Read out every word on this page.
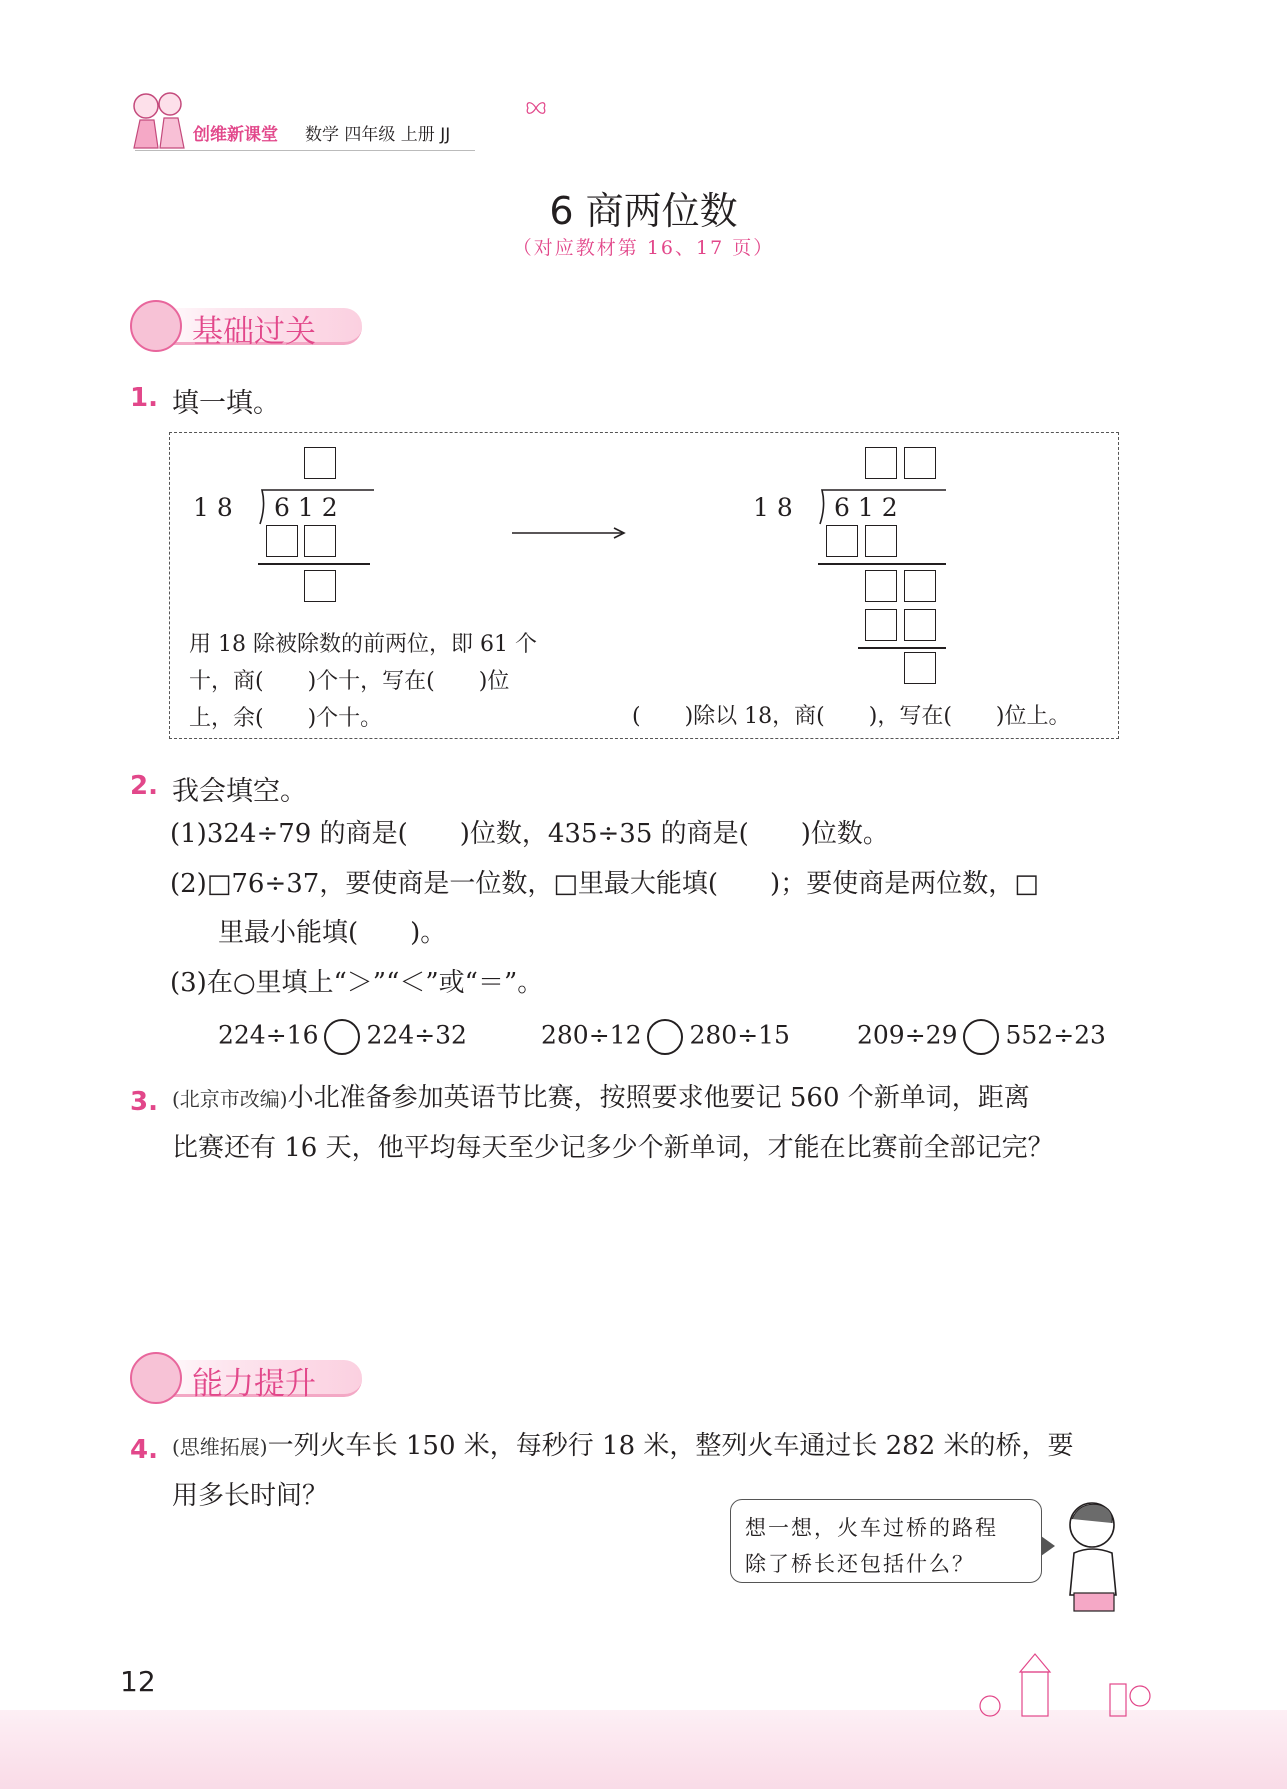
创维新课堂 数学 四年级 上册 JJ
6 商两位数
（对应教材第 16、17 页）
基础过关
1. 填一填。
1 8 6 1 2
用 18 除被除数的前两位，即 61 个
十，商(　　)个十，写在(　　)位
上，余(　　)个十。
1 8 6 1 2
(　　)除以 18，商(　　)，写在(　　)位上。
2. 我会填空。
(1)324÷79 的商是(　　)位数，435÷35 的商是(　　)位数。
(2)□76÷37，要使商是一位数，□里最大能填(　　)；要使商是两位数，□
里最小能填(　　)。
(3)在○里填上“＞”“＜”或“＝”。
224÷16 224÷32	280÷12 280÷15	209÷29 552÷23
3. (北京市改编)小北准备参加英语节比赛，按照要求他要记 560 个新单词，距离
比赛还有 16 天，他平均每天至少记多少个新单词，才能在比赛前全部记完？
能力提升
4. (思维拓展)一列火车长 150 米，每秒行 18 米，整列火车通过长 282 米的桥，要
用多长时间？
想一想，火车过桥的路程
除了桥长还包括什么？
12
